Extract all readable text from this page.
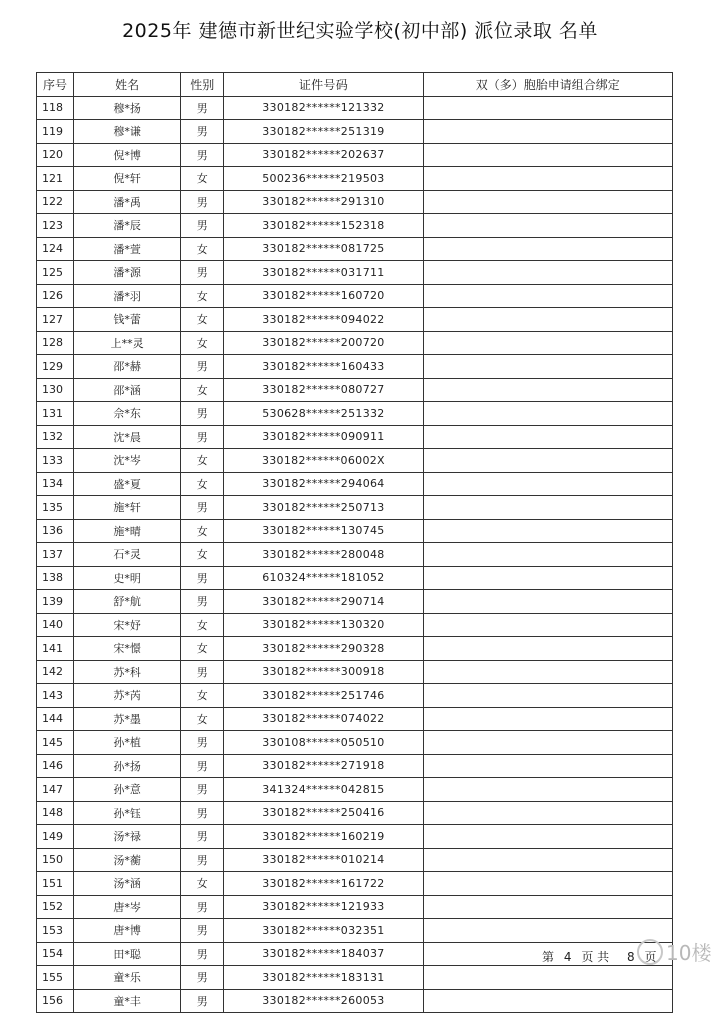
2025年 建德市新世纪实验学校(初中部) 派位录取 名单
序号	姓名	性别	证件号码	双（多）胞胎申请组合绑定
118	穆*扬	男	330182******121332	
119	穆*谦	男	330182******251319	
120	倪*博	男	330182******202637	
121	倪*轩	女	500236******219503	
122	潘*禹	男	330182******291310	
123	潘*辰	男	330182******152318	
124	潘*萱	女	330182******081725	
125	潘*源	男	330182******031711	
126	潘*羽	女	330182******160720	
127	钱*蕾	女	330182******094022	
128	上**灵	女	330182******200720	
129	邵*赫	男	330182******160433	
130	邵*涵	女	330182******080727	
131	佘*东	男	530628******251332	
132	沈*晨	男	330182******090911	
133	沈*岑	女	330182******06002X	
134	盛*夏	女	330182******294064	
135	施*轩	男	330182******250713	
136	施*晴	女	330182******130745	
137	石*灵	女	330182******280048	
138	史*明	男	610324******181052	
139	舒*航	男	330182******290714	
140	宋*妤	女	330182******130320	
141	宋*憬	女	330182******290328	
142	苏*科	男	330182******300918	
143	苏*芮	女	330182******251746	
144	苏*墨	女	330182******074022	
145	孙*植	男	330108******050510	
146	孙*扬	男	330182******271918	
147	孙*意	男	341324******042815	
148	孙*钰	男	330182******250416	
149	汤*禄	男	330182******160219	
150	汤*蘅	男	330182******010214	
151	汤*涵	女	330182******161722	
152	唐*岑	男	330182******121933	
153	唐*博	男	330182******032351	
154	田*聪	男	330182******184037	
155	童*乐	男	330182******183131	
156	童*丰	男	330182******260053	
第 4 页 共 8 页 10楼
